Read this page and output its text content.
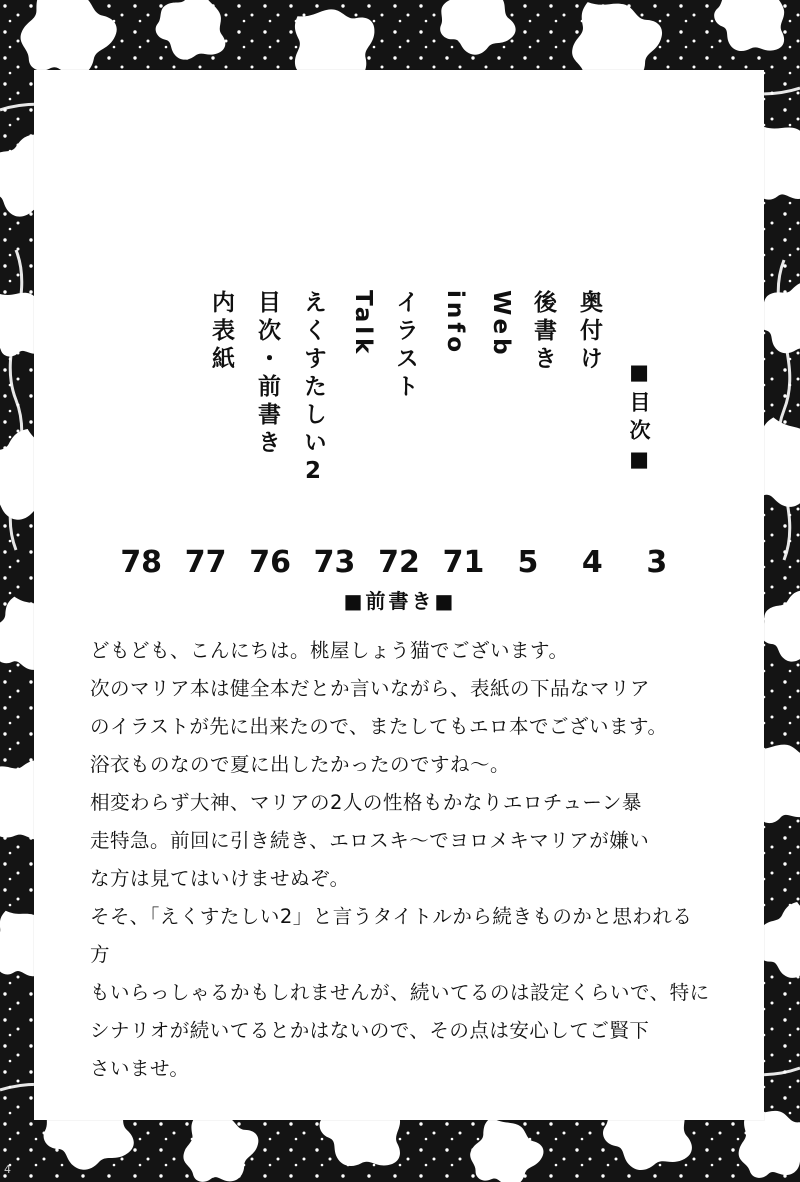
■目次■
内表紙 目次・前書き えくすたしい2	Talk イラスト	info Web 後書き 奥付け
78 77 76 73 72 71 5 4 3
■前書き■

どもども、こんにちは。桃屋しょう猫でございます。

次のマリア本は健全本だとか言いながら、表紙の下品なマリア

のイラストが先に出来たので、またしてもエロ本でございます。

浴衣ものなので夏に出したかったのですね～。

相変わらず大神、マリアの2人の性格もかなりエロチューン暴

走特急。前回に引き続き、エロスキ～でヨロメキマリアが嫌い

な方は見てはいけませぬぞ。

そそ、「えくすたしい2」と言うタイトルから続きものかと思われる方

もいらっしゃるかもしれませんが、続いてるのは設定くらいで、特に

シナリオが続いてるとかはないので、その点は安心してご賢下

さいませ。

4
